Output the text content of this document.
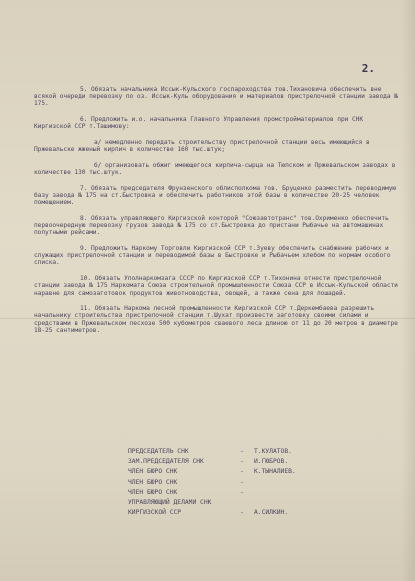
2.

5. Обязать начальника Иссык-Кульского госпароходства тов.Тихановича обеспечить вне всякой очереди перевозку по оз. Иссык-Куль оборудования и материалов пристрелочной станции завода № 175.

6. Предложить и.о. начальника Главного Управления промстройматериалов при СНК Киргизской ССР т.Ташимову:

а/ немедленно передать строительству пристрелочной станции весь имеющийся в Пржевальске жженый кирпич в количестве 160 тыс.штук;

б/ организовать обжиг имеющегося кирпича-сырца на Тюпском и Пржевальском заводах в количестве 130 тыс.штук.

7. Обязать председателя Фрунзенского облисполкома тов. Бруценко разместить переводимую базу завода № 175 на ст.Быстровка и обеспечить работников этой базы в количестве 20-25 человек помещением.

8. Обязать управляющего Киргизской конторой "Союзавтотранс" тов.Охрименко обеспечить первоочередную перевозку грузов завода № 175 со ст.Быстровка до пристани Рыбачье на автомашинах попутными рейсами.

9. Предложить Наркому Торговли Киргизской ССР т.Зуеву обеспечить снабжение рабочих и служащих пристрелочной станции и переводимой базы в Быстровке и Рыбачьем хлебом по нормам особого списка.

10. Обязать Уполнаркомзага СССР по Киргизской ССР т.Тихонина отнести пристрелочной станции завода № 175 Наркомата Союза строительной промышленности Союза ССР в Иссык-Кульской области наравне для самозаготовок продуктов животноводства, овощей, а также сена для лошадей.

11. Обязать Наркома лесной промышленности Киргизской ССР т.Деркембаева разрешить начальнику строительства пристрелочной станции т.Шухат произвести заготовку своими силами и средствами в Пржевальском лесхозе 500 кубометров сваевого леса длиною от 11 до 20 метров в диаметре 18-25 сантиметров.

ПРЕДСЕДАТЕЛЬ СНК	-	Т.КУЛАТОВ.
ЗАМ.ПРЕДСЕДАТЕЛЯ СНК	-	И.ГЮБРОВ.
ЧЛЕН БЮРО СНК	-	К.ТЫНАЛИЕВ.
ЧЛЕН БЮРО СНК	-
ЧЛЕН БЮРО СНК	-
УПРАВЛЯЮЩИЙ ДЕЛАМИ СНК
КИРГИЗСКОЙ ССР	-	А.СИЛКИН.
